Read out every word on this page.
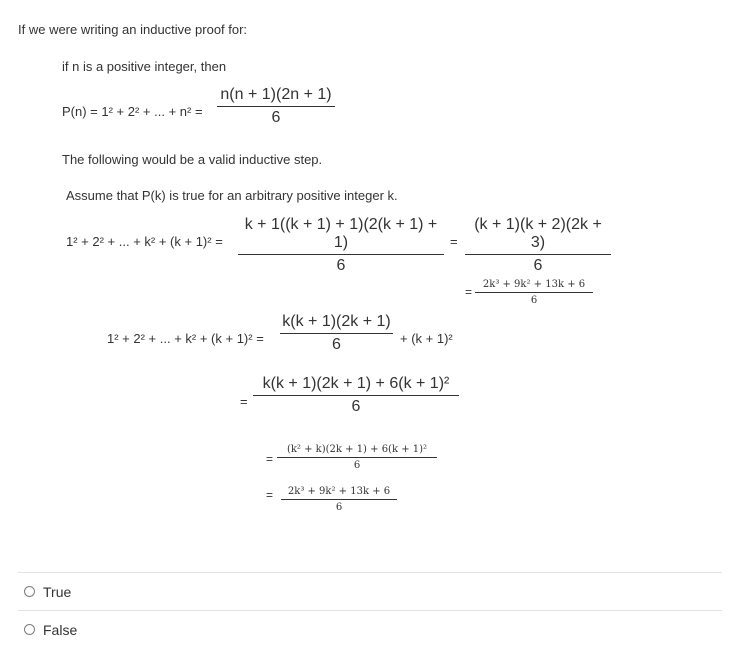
If we were writing an inductive proof for:
if n is a positive integer, then
P(n) = 1² + 2² + ... + $n^2 = \frac{n(n + 1)(2n + 1)}{6}$
The following would be a valid inductive step.
Assume that P(k) is true for an arbitrary positive integer k.
1² + 2² + ... + $k^2 + (k + 1)^2 = \frac{k + 1((k + 1) + 1)(2(k + 1) + 1)}{6} = \frac{(k + 1)(k + 2)(2k + 3)}{6}$
= $\frac{\text{2k³ + 9k² + 13k + 6}}{6}$
1² + 2² + ... + $k^2 + (k + 1)^2 = \frac{k(k + 1)(2k + 1)}{6} + (k + 1)^2$
= $\frac{\text{k(k + 1)(2k + 1) + 6(k + 1)²}}{6}$
= $\frac{\text{(k² + k)(2k + 1) + 6(k + 1)²}}{6}$
= $\frac{\text{2k³ + 9k² + 13k + 6}}{6}$
True
False
